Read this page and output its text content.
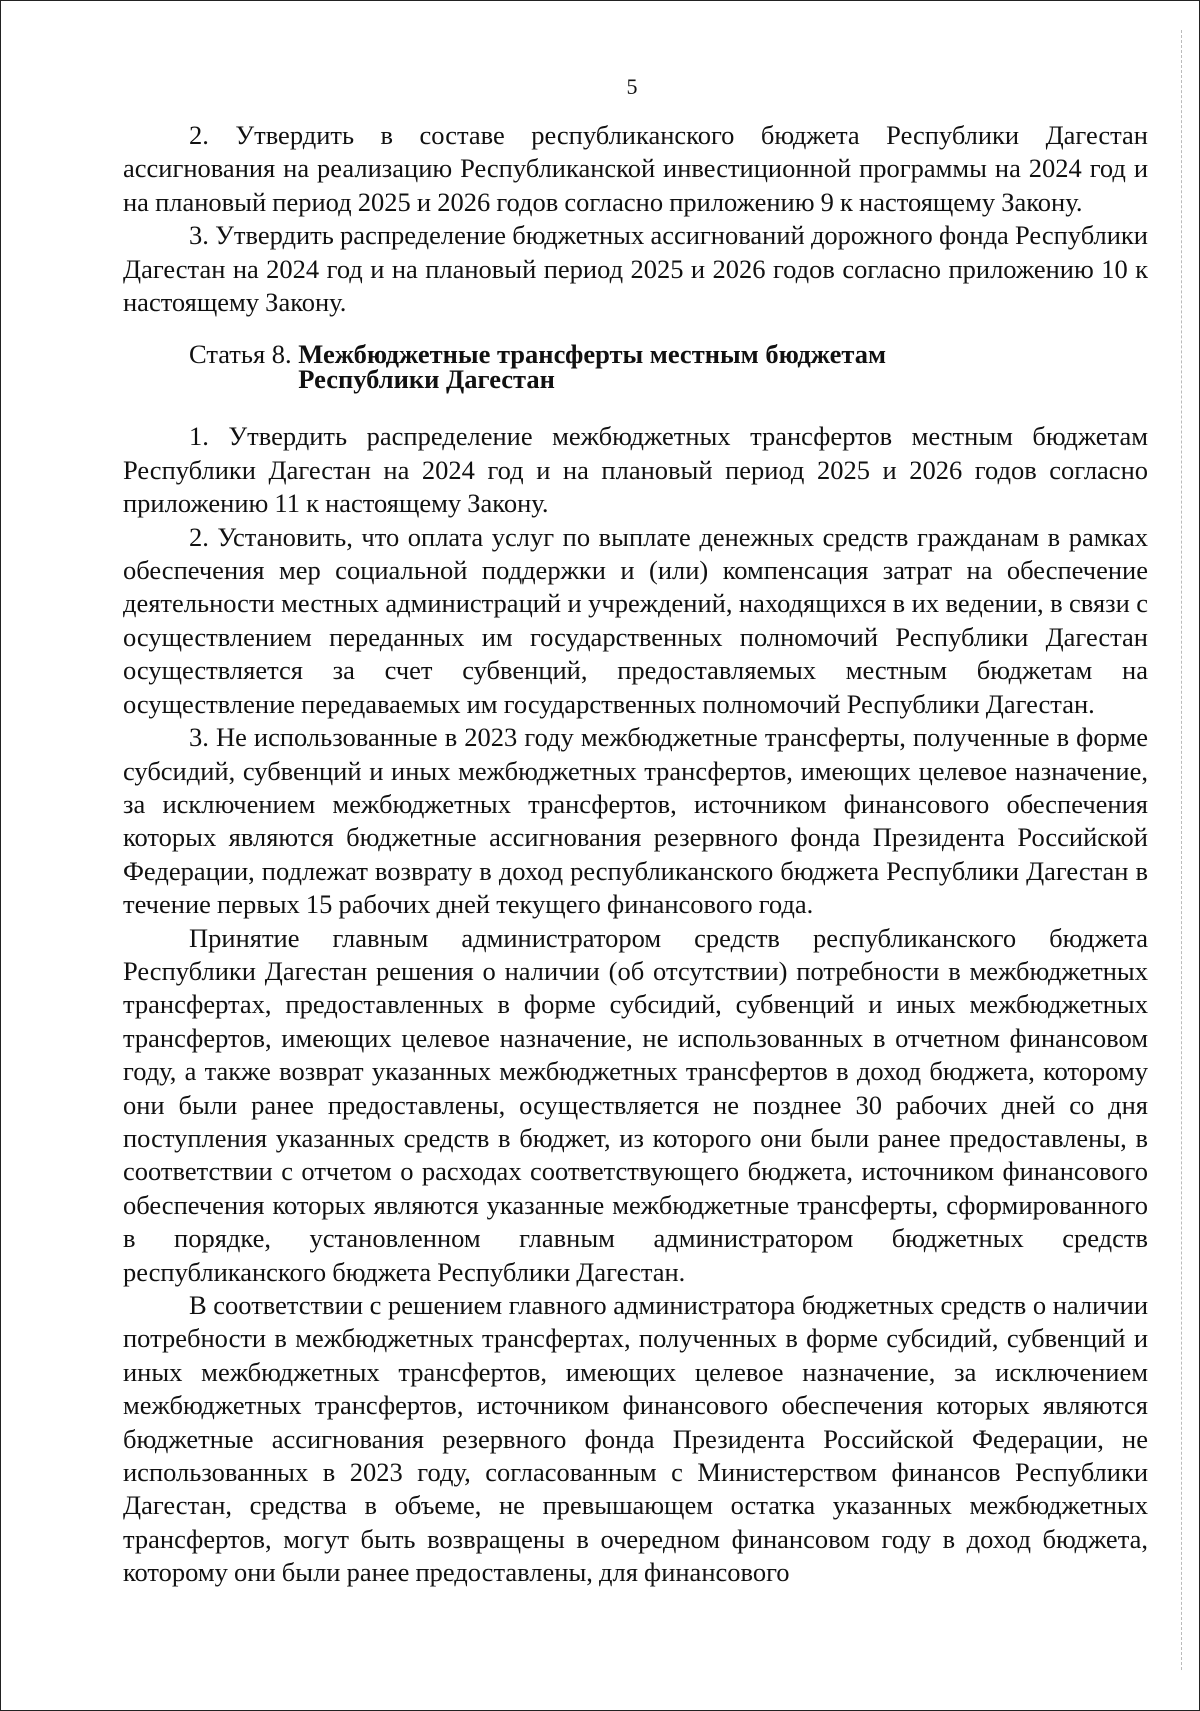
5

2. Утвердить в составе республиканского бюджета Республики Дагестан ассигнования на реализацию Республиканской инвестиционной программы на 2024 год и на плановый период 2025 и 2026 годов согласно приложению 9 к настоящему Закону.

3. Утвердить распределение бюджетных ассигнований дорожного фонда Республики Дагестан на 2024 год и на плановый период 2025 и 2026 годов согласно приложению 10 к настоящему Закону.

Статья 8. Межбюджетные трансферты местным бюджетам
Республики Дагестан

1. Утвердить распределение межбюджетных трансфертов местным бюджетам Республики Дагестан на 2024 год и на плановый период 2025 и 2026 годов согласно приложению 11 к настоящему Закону.

2. Установить, что оплата услуг по выплате денежных средств гражданам в рамках обеспечения мер социальной поддержки и (или) компенсация затрат на обеспечение деятельности местных администраций и учреждений, находящихся в их ведении, в связи с осуществлением переданных им государственных полномочий Республики Дагестан осуществляется за счет субвенций, предоставляемых местным бюджетам на осуществление передаваемых им государственных полномочий Республики Дагестан.

3. Не использованные в 2023 году межбюджетные трансферты, полученные в форме субсидий, субвенций и иных межбюджетных трансфертов, имеющих целевое назначение, за исключением межбюджетных трансфертов, источником финансового обеспечения которых являются бюджетные ассигнования резервного фонда Президента Российской Федерации, подлежат возврату в доход республиканского бюджета Республики Дагестан в течение первых 15 рабочих дней текущего финансового года.

Принятие главным администратором средств республиканского бюджета Республики Дагестан решения о наличии (об отсутствии) потребности в межбюджетных трансфертах, предоставленных в форме субсидий, субвенций и иных межбюджетных трансфертов, имеющих целевое назначение, не использованных в отчетном финансовом году, а также возврат указанных межбюджетных трансфертов в доход бюджета, которому они были ранее предоставлены, осуществляется не позднее 30 рабочих дней со дня поступления указанных средств в бюджет, из которого они были ранее предоставлены, в соответствии с отчетом о расходах соответствующего бюджета, источником финансового обеспечения которых являются указанные межбюджетные трансферты, сформированного в порядке, установленном главным администратором бюджетных средств республиканского бюджета Республики Дагестан.

В соответствии с решением главного администратора бюджетных средств о наличии потребности в межбюджетных трансфертах, полученных в форме субсидий, субвенций и иных межбюджетных трансфертов, имеющих целевое назначение, за исключением межбюджетных трансфертов, источником финансового обеспечения которых являются бюджетные ассигнования резервного фонда Президента Российской Федерации, не использованных в 2023 году, согласованным с Министерством финансов Республики Дагестан, средства в объеме, не превышающем остатка указанных межбюджетных трансфертов, могут быть возвращены в очередном финансовом году в доход бюджета, которому они были ранее предоставлены, для финансового
